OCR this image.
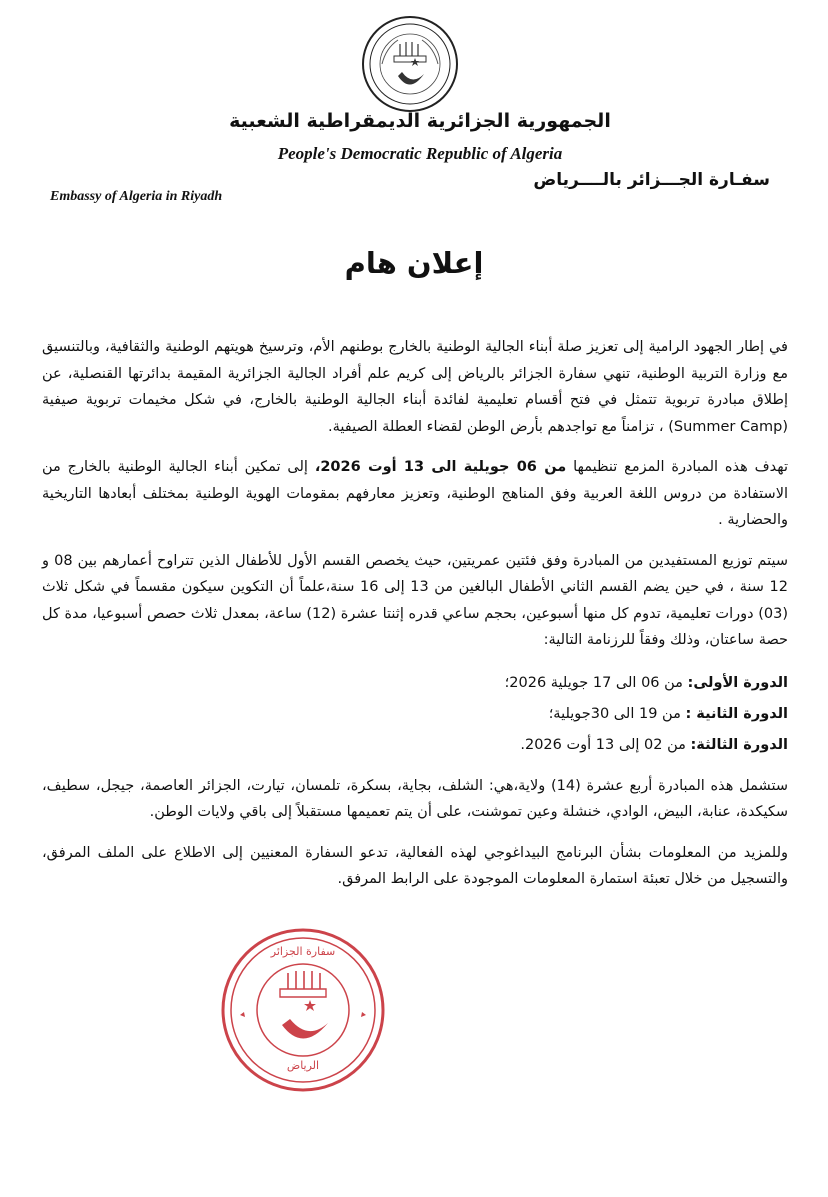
الجمهورية الجزائرية الديمقراطية الشعبية
People's Democratic Republic of Algeria
سفـارة الجـــزائر بالــــرياض
Embassy of Algeria in Riyadh
إعلان هام

في إطار الجهود الرامية إلى تعزيز صلة أبناء الجالية الوطنية بالخارج بوطنهم الأم، وترسيخ هويتهم الوطنية والثقافية، وبالتنسيق مع وزارة التربية الوطنية، تنهي سفارة الجزائر بالرياض إلى كريم علم أفراد الجالية الجزائرية المقيمة بدائرتها القنصلية، عن إطلاق مبادرة تربوية تتمثل في فتح أقسام تعليمية لفائدة أبناء الجالية الوطنية بالخارج، في شكل مخيمات تربوية صيفية (Summer Camp) ، تزامناً مع تواجدهم بأرض الوطن لقضاء العطلة الصيفية.

تهدف هذه المبادرة المزمع تنظيمها من 06 جويلية الى 13 أوت 2026، إلى تمكين أبناء الجالية الوطنية بالخارج من الاستفادة من دروس اللغة العربية وفق المناهج الوطنية، وتعزيز معارفهم بمقومات الهوية الوطنية بمختلف أبعادها التاريخية والحضارية .

سيتم توزيع المستفيدين من المبادرة وفق فئتين عمريتين، حيث يخصص القسم الأول للأطفال الذين تتراوح أعمارهم بين 08 و 12 سنة ، في حين يضم القسم الثاني الأطفال البالغين من 13 إلى 16 سنة،علماً أن التكوين سيكون مقسماً في شكل ثلاث (03) دورات تعليمية، تدوم كل منها أسبوعين، بحجم ساعي قدره إثنتا عشرة (12) ساعة، بمعدل ثلاث حصص أسبوعيا، مدة كل حصة ساعتان، وذلك وفقاً للرزنامة التالية:

الدورة الأولى: من 06 الى 17 جويلية 2026؛
الدورة الثانية : من 19 الى 30جويلية؛
الدورة الثالثة: من 02 إلى 13 أوت 2026.

ستشمل هذه المبادرة أربع عشرة (14) ولاية،هي: الشلف، بجاية، بسكرة، تلمسان، تيارت، الجزائر العاصمة، جيجل، سطيف، سكيكدة، عنابة، البيض، الوادي، خنشلة وعين تموشنت، على أن يتم تعميمها مستقبلاً إلى باقي ولايات الوطن.

وللمزيد من المعلومات بشأن البرنامج البيداغوجي لهذه الفعالية، تدعو السفارة المعنيين إلى الاطلاع على الملف المرفق، والتسجيل من خلال تعبئة استمارة المعلومات الموجودة على الرابط المرفق.

سفارة الجزائر
الرياض
